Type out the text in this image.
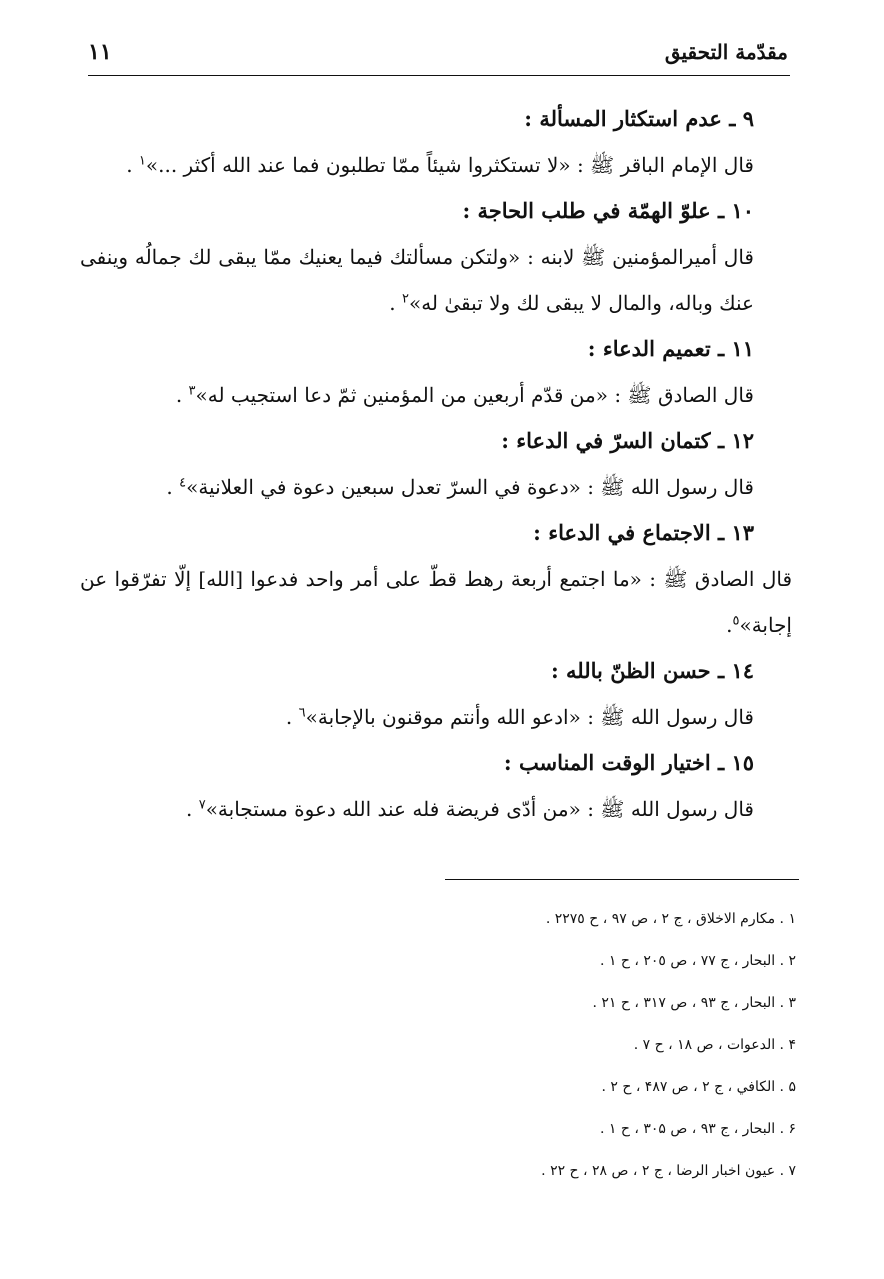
مقدّمة التحقيق
١١
٩ ـ عدم استكثار المسألة :
قال الإمام الباقر ﷺ : «لا تستكثروا شيئاً ممّا تطلبون فما عند الله أكثر ...»$^١$ .
١٠ ـ علوّ الهمّة في طلب الحاجة :
قال أميرالمؤمنين ﷺ لابنه : «ولتكن مسألتك فيما يعنيك ممّا يبقى لك جمالُه وينفى عنك وباله، والمال لا يبقى لك ولا تبقىٰ له»$^٢$ .
١١ ـ تعميم الدعاء :
قال الصادق ﷺ : «من قدّم أربعين من المؤمنين ثمّ دعا استجيب له»$^٣$ .
١٢ ـ كتمان السرّ في الدعاء :
قال رسول الله ﷺ : «دعوة في السرّ تعدل سبعين دعوة في العلانية»$^٤$ .
١٣ ـ الاجتماع في الدعاء :
قال الصادق ﷺ : «ما اجتمع أربعة رهط قطّ على أمر واحد فدعوا [الله] إلّا تفرّقوا عن إجابة»$^٥$.
١٤ ـ حسن الظنّ بالله :
قال رسول الله ﷺ : «ادعو الله وأنتم موقنون بالإجابة»$^٦$ .
١٥ ـ اختيار الوقت المناسب :
قال رسول الله ﷺ : «من أدّى فريضة فله عند الله دعوة مستجابة»$^٧$ .
١ . مكارم الاخلاق ، ج ٢ ، ص ٩٧ ، ح ٢٢٧٥ .
٢ . البحار ، ج ٧٧ ، ص ٢٠٥ ، ح ١ .
٣ . البحار ، ج ٩٣ ، ص ٣١٧ ، ح ٢١ .
۴ . الدعوات ، ص ١٨ ، ح ٧ .
۵ . الكافي ، ج ٢ ، ص ۴٨٧ ، ح ٢ .
۶ . البحار ، ج ٩٣ ، ص ٣٠۵ ، ح ١ .
٧ . عيون اخبار الرضا ، ج ٢ ، ص ٢٨ ، ح ٢٢ .
